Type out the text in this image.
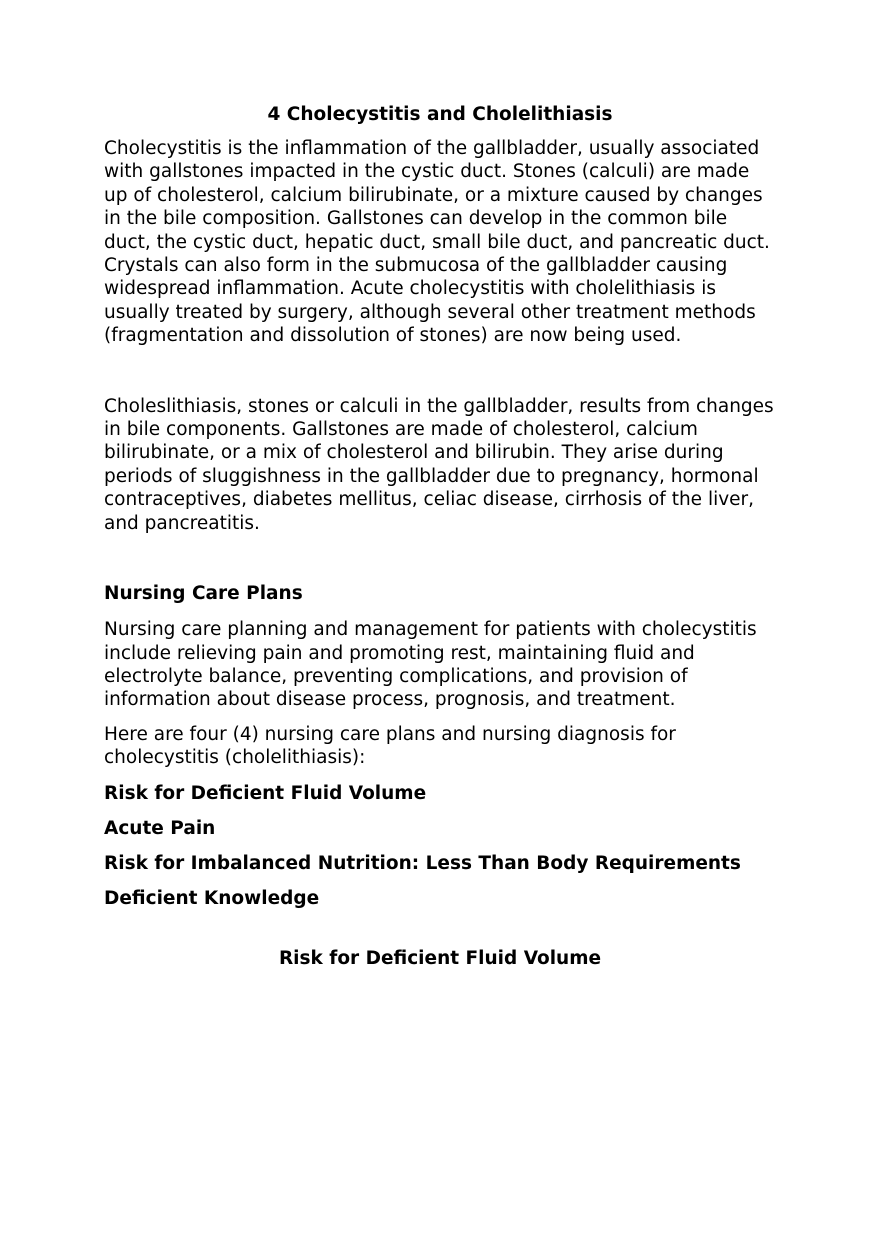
4 Cholecystitis and Cholelithiasis

Cholecystitis is the inflammation of the gallbladder, usually associated with gallstones impacted in the cystic duct. Stones (calculi) are made up of cholesterol, calcium bilirubinate, or a mixture caused by changes in the bile composition. Gallstones can develop in the common bile duct, the cystic duct, hepatic duct, small bile duct, and pancreatic duct. Crystals can also form in the submucosa of the gallbladder causing widespread inflammation. Acute cholecystitis with cholelithiasis is usually treated by surgery, although several other treatment methods (fragmentation and dissolution of stones) are now being used.

Choleslithiasis, stones or calculi in the gallbladder, results from changes in bile components. Gallstones are made of cholesterol, calcium bilirubinate, or a mix of cholesterol and bilirubin. They arise during periods of sluggishness in the gallbladder due to pregnancy, hormonal contraceptives, diabetes mellitus, celiac disease, cirrhosis of the liver, and pancreatitis.

Nursing Care Plans

Nursing care planning and management for patients with cholecystitis include relieving pain and promoting rest, maintaining fluid and electrolyte balance, preventing complications, and provision of information about disease process, prognosis, and treatment.

Here are four (4) nursing care plans and nursing diagnosis for cholecystitis (cholelithiasis):

Risk for Deficient Fluid Volume
Acute Pain
Risk for Imbalanced Nutrition: Less Than Body Requirements
Deficient Knowledge
Risk for Deficient Fluid Volume
